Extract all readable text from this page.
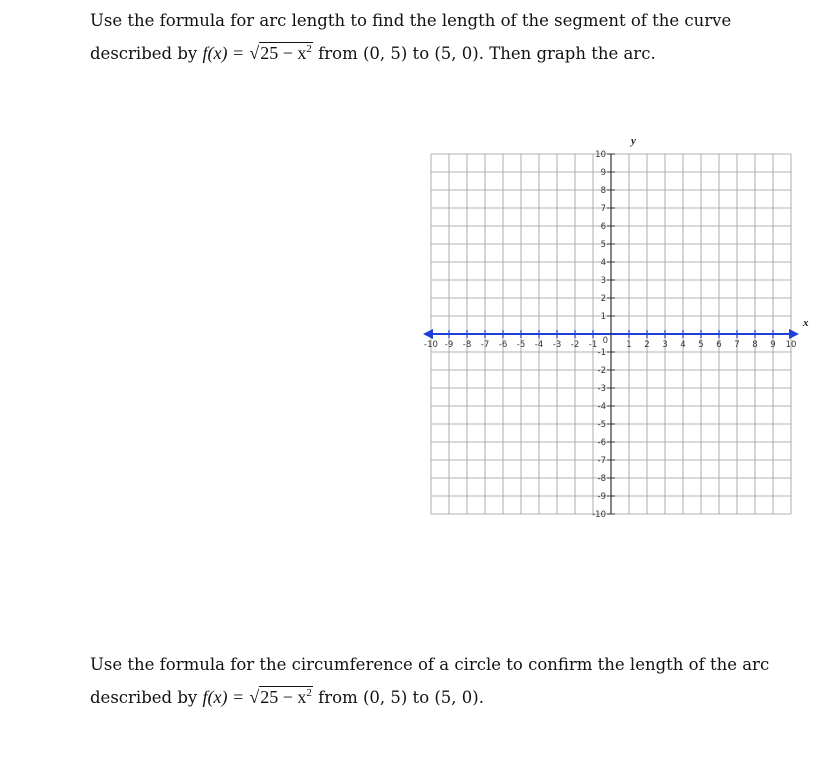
Use the formula for arc length to find the length of the segment of the curve
described by $f(x) = √25 - x^2$ from (0, 5) to (5, 0). Then graph the arc.
-10 -9 -8 -7 -6 -5 -4 -3 -2 -1	1 2 3 4 5 6 7 8 9 10
-10
-9
-8
-7
-6
-5
-4
-3
-2
-1
1
2
3
4
5
6
7
8
9
10
0
x
y
Use the formula for the circumference of a circle to confirm the length of the arc
described by $f(x) = √25 - x^2$ from (0, 5) to (5, 0).
